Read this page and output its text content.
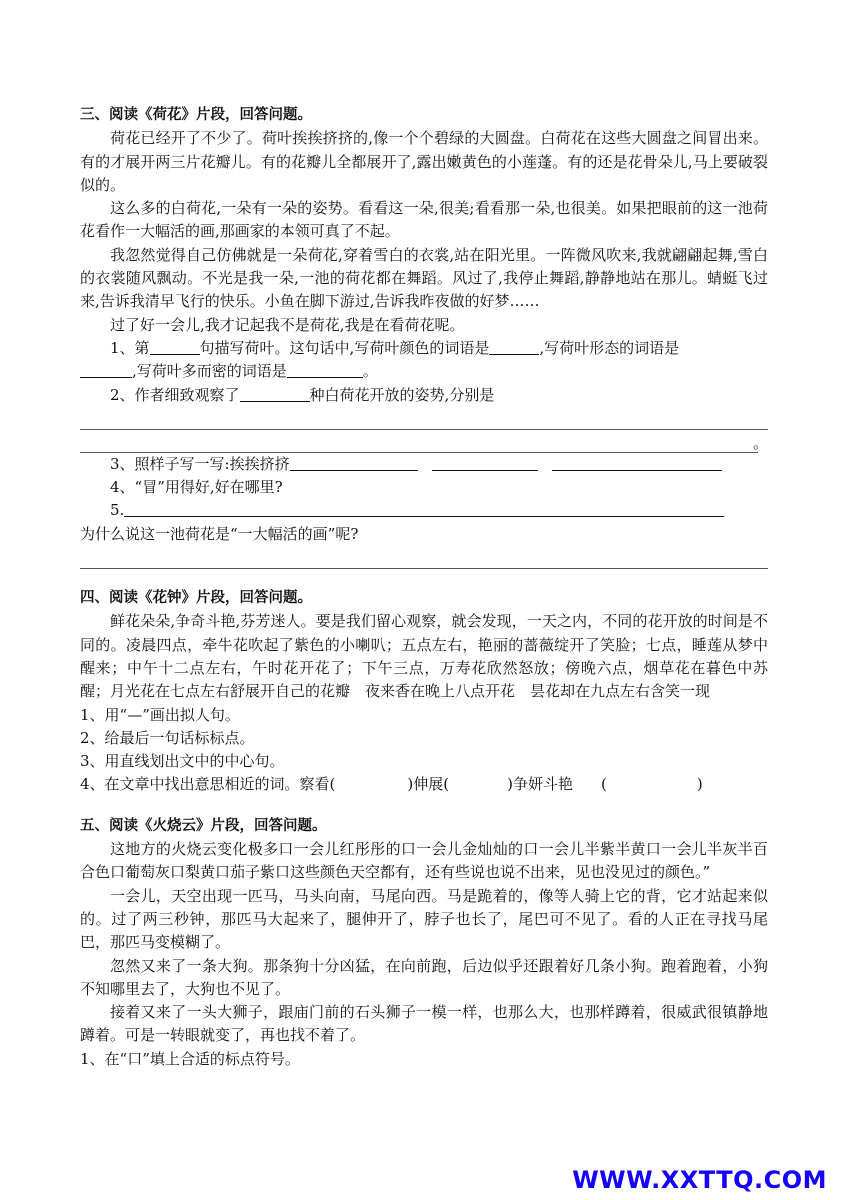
三、阅读《荷花》片段，回答问题。

荷花已经开了不少了。荷叶挨挨挤挤的,像一个个碧绿的大圆盘。白荷花在这些大圆盘之间冒出来。有的才展开两三片花瓣儿。有的花瓣儿全都展开了,露出嫩黄色的小莲蓬。有的还是花骨朵儿,马上要破裂似的。

这么多的白荷花,一朵有一朵的姿势。看看这一朵,很美;看看那一朵,也很美。如果把眼前的这一池荷花看作一大幅活的画,那画家的本领可真了不起。

我忽然觉得自己仿佛就是一朵荷花,穿着雪白的衣裳,站在阳光里。一阵微风吹来,我就翩翩起舞,雪白的衣裳随风飘动。不光是我一朵,一池的荷花都在舞蹈。风过了,我停止舞蹈,静静地站在那儿。蜻蜓飞过来,告诉我清早飞行的快乐。小鱼在脚下游过,告诉我昨夜做的好梦……

过了好一会儿,我才记起我不是荷花,我是在看荷花呢。

1、第	句描写荷叶。这句话中,写荷叶颜色的词语是	,写荷叶形态的词语是

,写荷叶多而密的词语是	。

2、作者细致观察了	种白荷花开放的姿势,分别是

。

3、照样子写一写:挨挨挤挤

4、“冒”用得好,好在哪里?

5.

为什么说这一池荷花是“一大幅活的画”呢?

四、阅读《花钟》片段，回答问题。

鲜花朵朵,争奇斗艳,芬芳迷人。要是我们留心观察，就会发现，一天之内，不同的花开放的时间是不同的。凌晨四点，牵牛花吹起了紫色的小喇叭；五点左右，艳丽的蔷薇绽开了笑脸；七点，睡莲从梦中醒来；中午十二点左右，午时花开花了；下午三点，万寿花欣然怒放；傍晚六点，烟草花在暮色中苏醒；月光花在七点左右舒展开自己的花瓣　夜来香在晚上八点开花　昙花却在九点左右含笑一现

1、用“—”画出拟人句。

2、给最后一句话标标点。

3、用直线划出文中的中心句。

4、在文章中找出意思相近的词。察看(	)伸展(	)争妍斗艳 (	)

五、阅读《火烧云》片段，回答问题。

这地方的火烧云变化极多口一会儿红彤彤的口一会儿金灿灿的口一会儿半紫半黄口一会儿半灰半百合色口葡萄灰口梨黄口茄子紫口这些颜色天空都有，还有些说也说不出来，见也没见过的颜色。”

一会儿，天空出现一匹马，马头向南，马尾向西。马是跪着的，像等人骑上它的背，它才站起来似的。过了两三秒钟，那匹马大起来了，腿伸开了，脖子也长了，尾巴可不见了。看的人正在寻找马尾巴，那匹马变模糊了。

忽然又来了一条大狗。那条狗十分凶猛，在向前跑，后边似乎还跟着好几条小狗。跑着跑着，小狗不知哪里去了，大狗也不见了。

接着又来了一头大狮子，跟庙门前的石头狮子一模一样，也那么大，也那样蹲着，很威武很镇静地蹲着。可是一转眼就变了，再也找不着了。

1、在“口”填上合适的标点符号。

WWW.XXTTQ.COM
